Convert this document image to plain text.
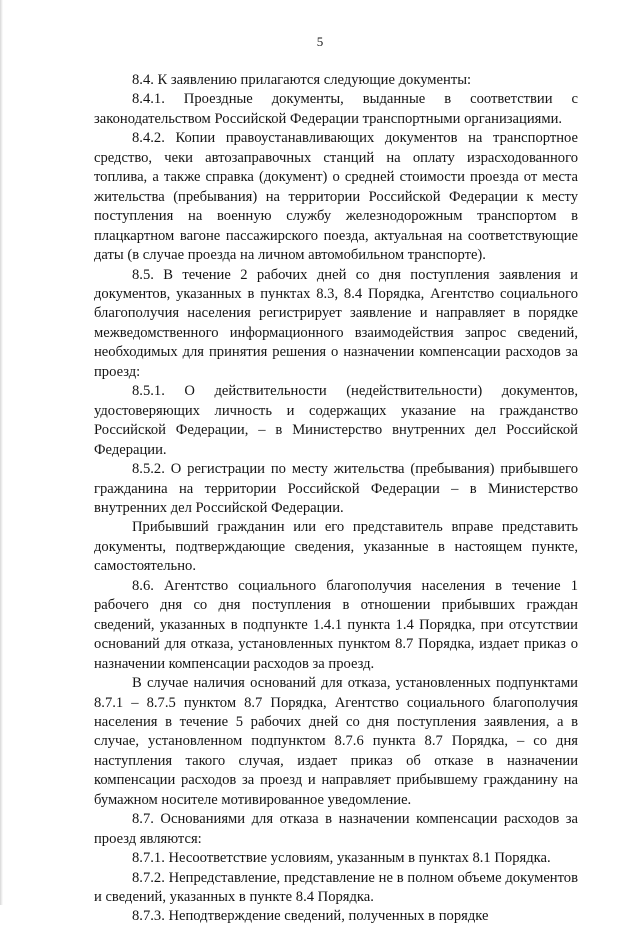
5

8.4. К заявлению прилагаются следующие документы:

8.4.1. Проездные документы, выданные в соответствии с законодательством Российской Федерации транспортными организациями.

8.4.2. Копии правоустанавливающих документов на транспортное средство, чеки автозаправочных станций на оплату израсходованного топлива, а также справка (документ) о средней стоимости проезда от места жительства (пребывания) на территории Российской Федерации к месту поступления на военную службу железнодорожным транспортом в плацкартном вагоне пассажирского поезда, актуальная на соответствующие даты (в случае проезда на личном автомобильном транспорте).

8.5. В течение 2 рабочих дней со дня поступления заявления и документов, указанных в пунктах 8.3, 8.4 Порядка, Агентство социального благополучия населения регистрирует заявление и направляет в порядке межведомственного информационного взаимодействия запрос сведений, необходимых для принятия решения о назначении компенсации расходов за проезд:

8.5.1. О действительности (недействительности) документов, удостоверяющих личность и содержащих указание на гражданство Российской Федерации, – в Министерство внутренних дел Российской Федерации.

8.5.2. О регистрации по месту жительства (пребывания) прибывшего гражданина на территории Российской Федерации – в Министерство внутренних дел Российской Федерации.

Прибывший гражданин или его представитель вправе представить документы, подтверждающие сведения, указанные в настоящем пункте, самостоятельно.

8.6. Агентство социального благополучия населения в течение 1 рабочего дня со дня поступления в отношении прибывших граждан сведений, указанных в подпункте 1.4.1 пункта 1.4 Порядка, при отсутствии оснований для отказа, установленных пунктом 8.7 Порядка, издает приказ о назначении компенсации расходов за проезд.

В случае наличия оснований для отказа, установленных подпунктами 8.7.1 – 8.7.5 пунктом 8.7 Порядка, Агентство социального благополучия населения в течение 5 рабочих дней со дня поступления заявления, а в случае, установленном подпунктом 8.7.6 пункта 8.7 Порядка, – со дня наступления такого случая, издает приказ об отказе в назначении компенсации расходов за проезд и направляет прибывшему гражданину на бумажном носителе мотивированное уведомление.

8.7. Основаниями для отказа в назначении компенсации расходов за проезд являются:

8.7.1. Несоответствие условиям, указанным в пунктах 8.1 Порядка.

8.7.2. Непредставление, представление не в полном объеме документов и сведений, указанных в пункте 8.4 Порядка.

8.7.3. Неподтверждение сведений, полученных в порядке
